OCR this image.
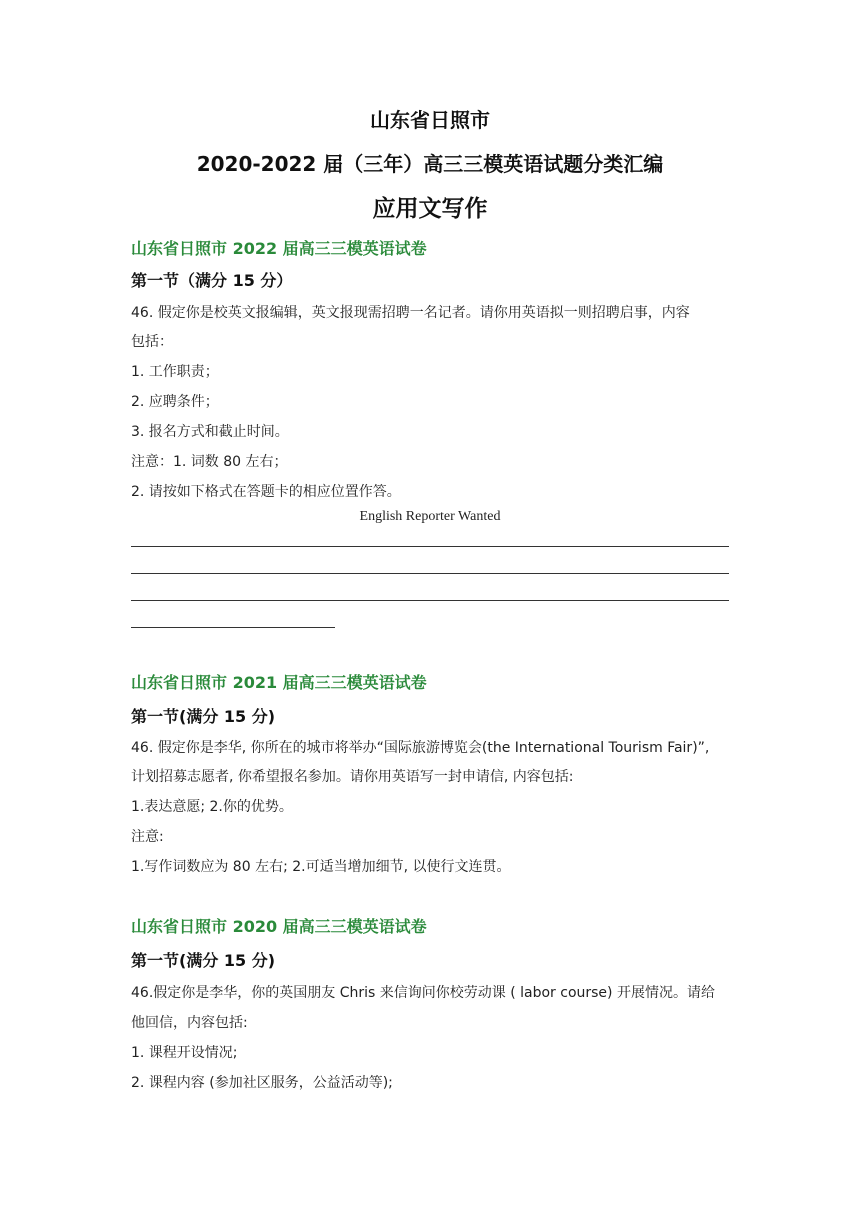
山东省日照市
2020-2022 届（三年）高三三模英语试题分类汇编
应用文写作
山东省日照市 2022 届高三三模英语试卷
第一节（满分 15 分）
46. 假定你是校英文报编辑，英文报现需招聘一名记者。请你用英语拟一则招聘启事，内容
包括：
1. 工作职责；
2. 应聘条件；
3. 报名方式和截止时间。
注意：1. 词数 80 左右；
2. 请按如下格式在答题卡的相应位置作答。
English Reporter Wanted
山东省日照市 2021 届高三三模英语试卷
第一节(满分 15 分)
46. 假定你是李华, 你所在的城市将举办“国际旅游博览会(the International Tourism Fair)”,
计划招募志愿者, 你希望报名参加。请你用英语写一封申请信, 内容包括:
1.表达意愿; 2.你的优势。
注意:
1.写作词数应为 80 左右; 2.可适当增加细节, 以使行文连贯。
山东省日照市 2020 届高三三模英语试卷
第一节(满分 15 分)
46.假定你是李华，你的英国朋友 Chris 来信询问你校劳动课 ( labor course) 开展情况。请给
他回信，内容包括:
1. 课程开设情况;
2. 课程内容 (参加社区服务，公益活动等);
